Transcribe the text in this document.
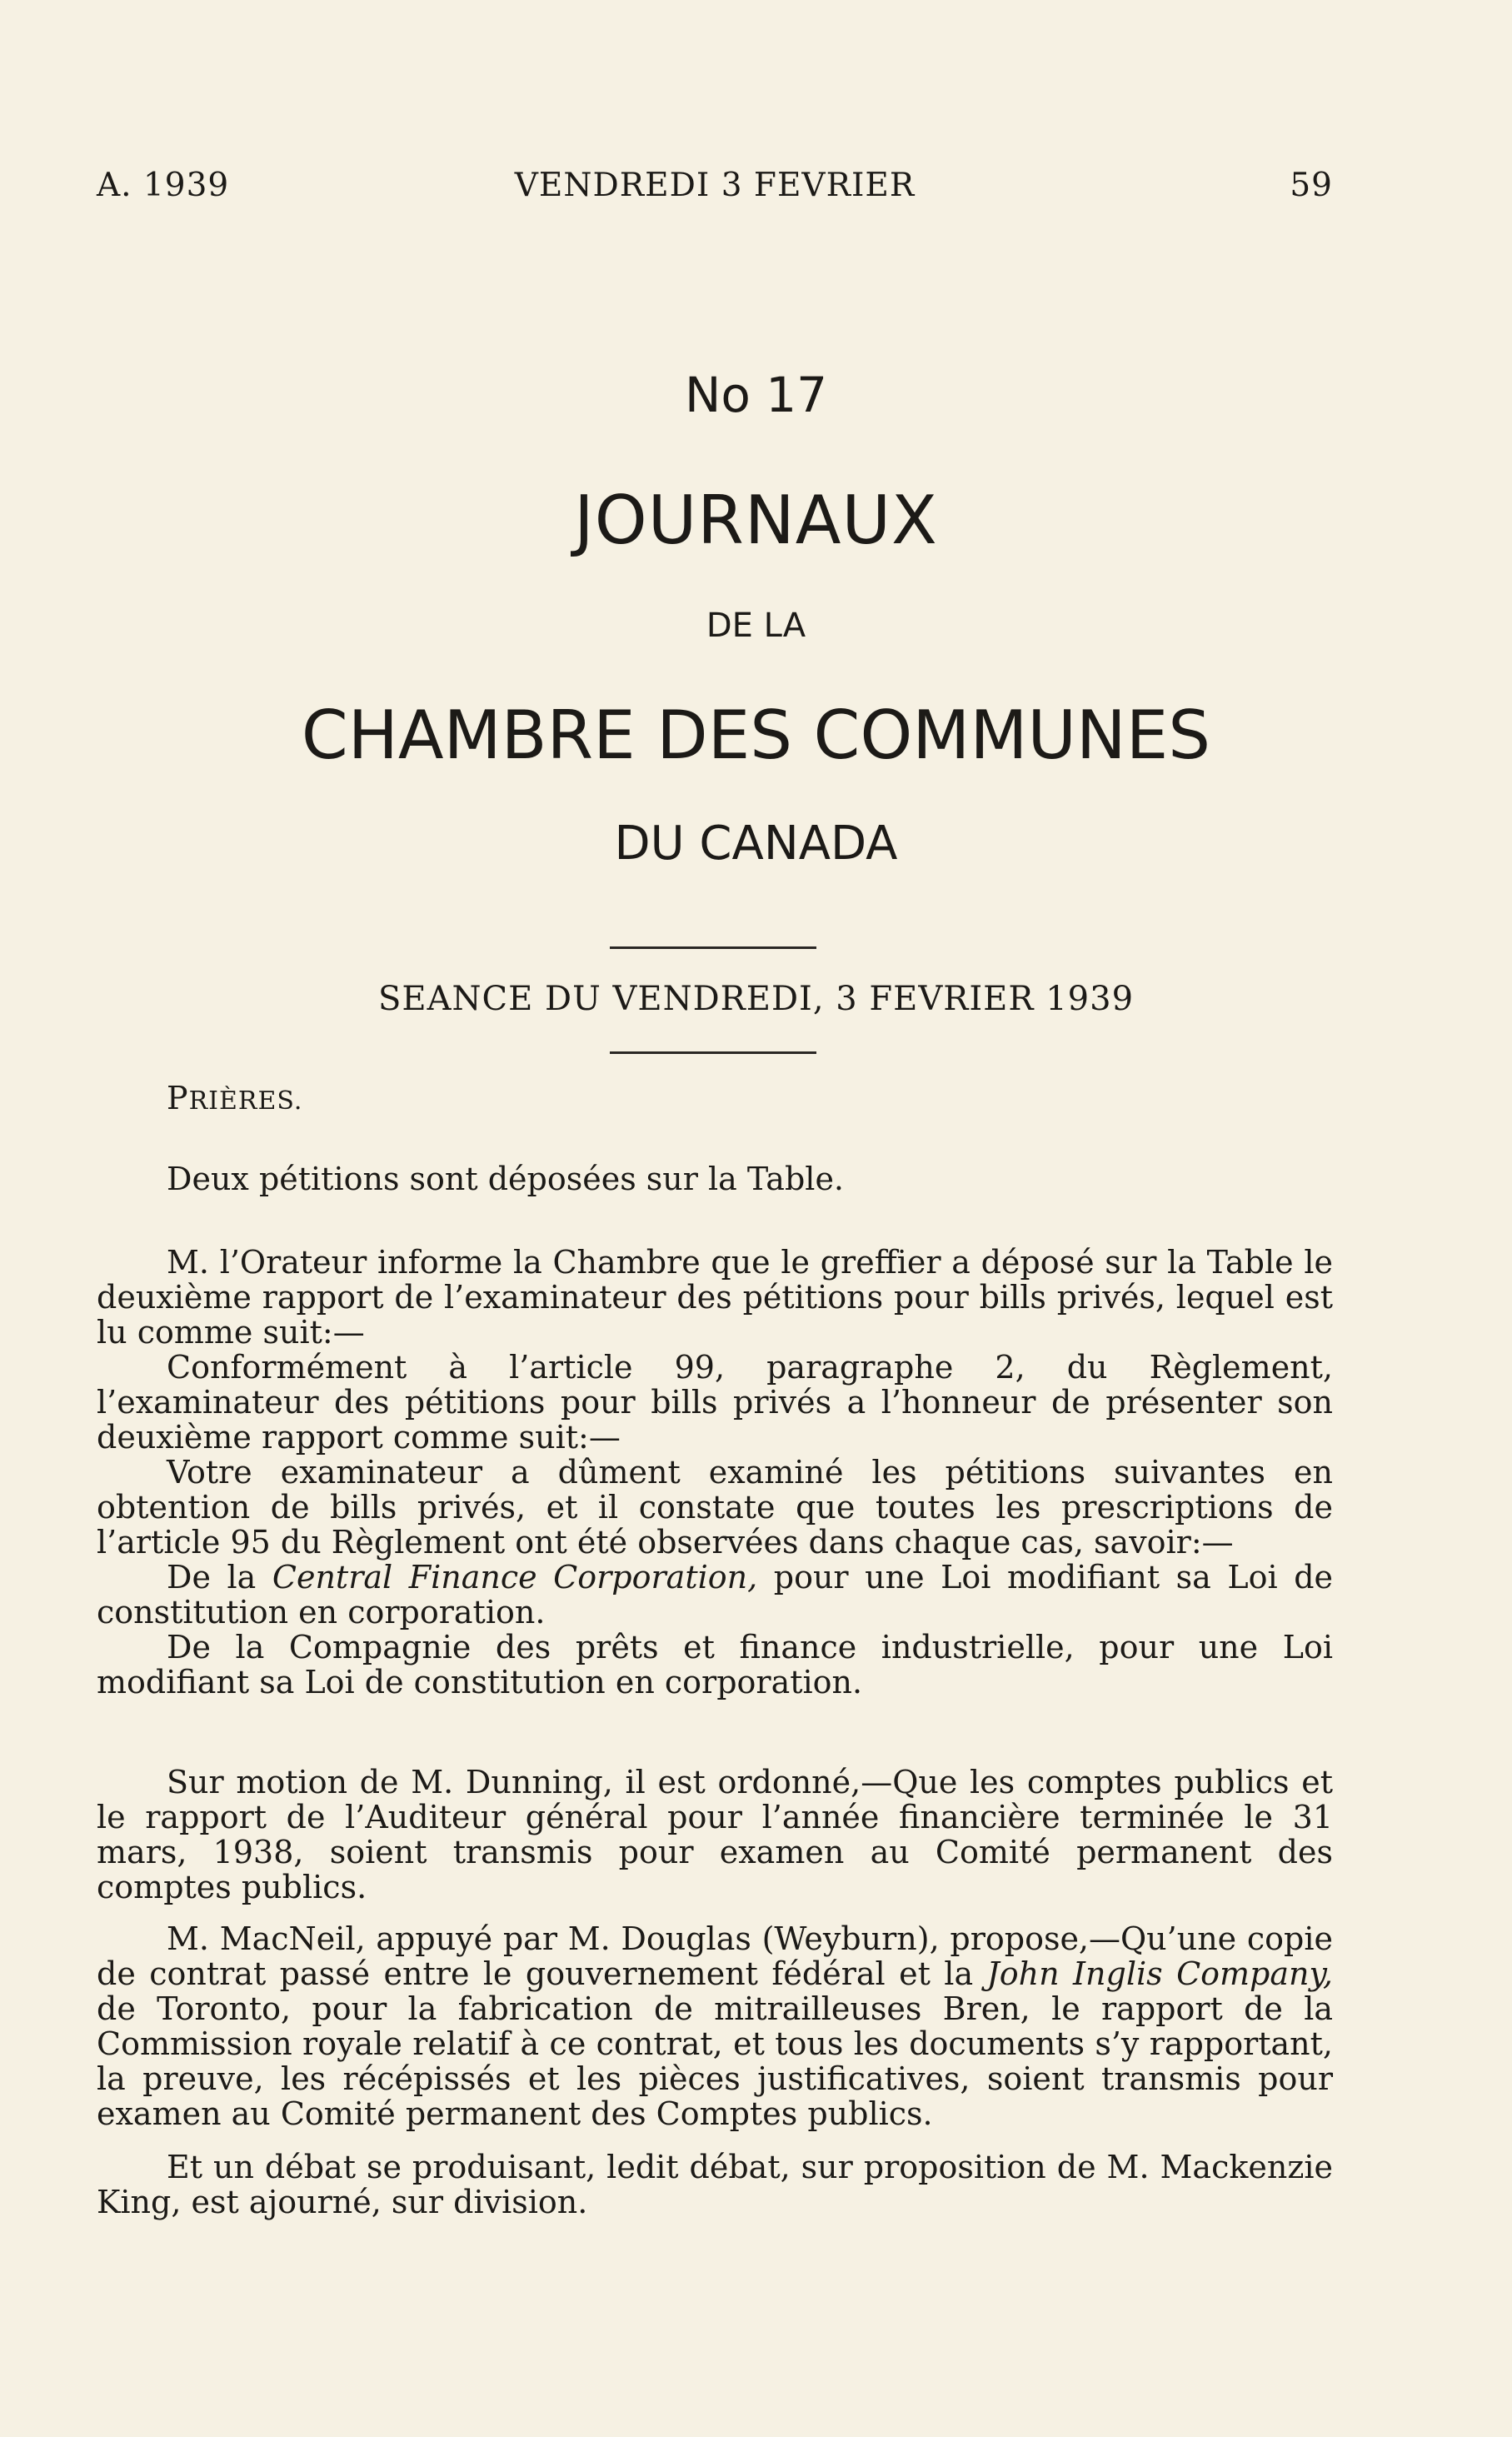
A. 1939	VENDREDI 3 FEVRIER	59
No 17
JOURNAUX
DE LA
CHAMBRE DES COMMUNES
DU CANADA
SEANCE DU VENDREDI, 3 FEVRIER 1939
PRIÈRES.

Deux pétitions sont déposées sur la Table.

M. l’Orateur informe la Chambre que le greffier a déposé sur la Table le deuxième rapport de l’examinateur des pétitions pour bills privés, lequel est lu comme suit:—

Conformément à l’article 99, paragraphe 2, du Règlement, l’examinateur des pétitions pour bills privés a l’honneur de présenter son deuxième rapport comme suit:—

Votre examinateur a dûment examiné les pétitions suivantes en obtention de bills privés, et il constate que toutes les prescriptions de l’article 95 du Règlement ont été observées dans chaque cas, savoir:—

De la Central Finance Corporation, pour une Loi modifiant sa Loi de constitution en corporation.

De la Compagnie des prêts et finance industrielle, pour une Loi modifiant sa Loi de constitution en corporation.

Sur motion de M. Dunning, il est ordonné,—Que les comptes publics et le rapport de l’Auditeur général pour l’année financière terminée le 31 mars, 1938, soient transmis pour examen au Comité permanent des comptes publics.

M. MacNeil, appuyé par M. Douglas (Weyburn), propose,—Qu’une copie de contrat passé entre le gouvernement fédéral et la John Inglis Company, de Toronto, pour la fabrication de mitrailleuses Bren, le rapport de la Commission royale relatif à ce contrat, et tous les documents s’y rapportant, la preuve, les récépissés et les pièces justificatives, soient transmis pour examen au Comité permanent des Comptes publics.

Et un débat se produisant, ledit débat, sur proposition de M. Mackenzie King, est ajourné, sur division.
